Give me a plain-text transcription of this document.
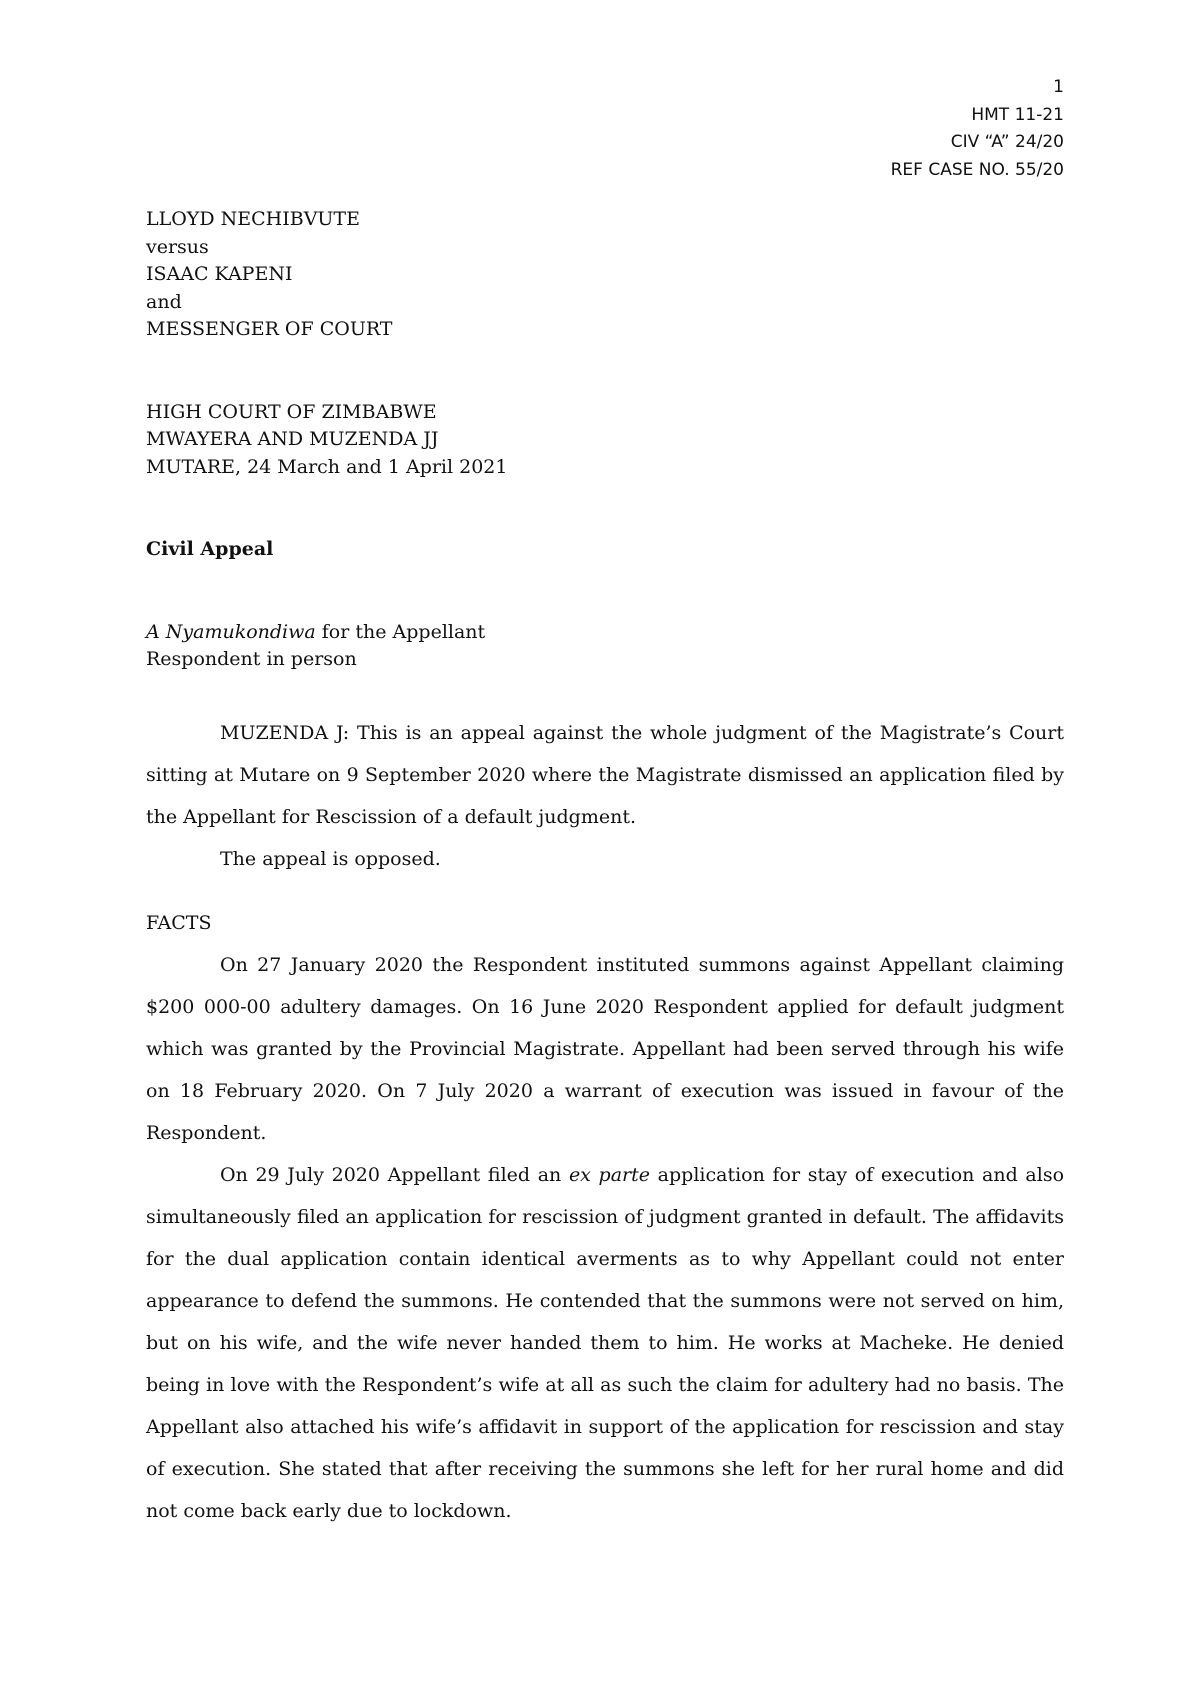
1
HMT 11-21
CIV “A” 24/20
REF CASE NO. 55/20
LLOYD NECHIBVUTE
versus
ISAAC KAPENI
and
MESSENGER OF COURT
HIGH COURT OF ZIMBABWE
MWAYERA AND MUZENDA JJ
MUTARE, 24 March and 1 April 2021
Civil Appeal
A Nyamukondiwa for the Appellant
Respondent in person

MUZENDA J: This is an appeal against the whole judgment of the Magistrate’s Court sitting at Mutare on 9 September 2020 where the Magistrate dismissed an application filed by the Appellant for Rescission of a default judgment.

The appeal is opposed.

FACTS

On 27 January 2020 the Respondent instituted summons against Appellant claiming $200 000-00 adultery damages. On 16 June 2020 Respondent applied for default judgment which was granted by the Provincial Magistrate. Appellant had been served through his wife on 18 February 2020. On 7 July 2020 a warrant of execution was issued in favour of the Respondent.

On 29 July 2020 Appellant filed an ex parte application for stay of execution and also simultaneously filed an application for rescission of judgment granted in default. The affidavits for the dual application contain identical averments as to why Appellant could not enter appearance to defend the summons. He contended that the summons were not served on him, but on his wife, and the wife never handed them to him. He works at Macheke. He denied being in love with the Respondent’s wife at all as such the claim for adultery had no basis. The Appellant also attached his wife’s affidavit in support of the application for rescission and stay of execution. She stated that after receiving the summons she left for her rural home and did not come back early due to lockdown.
